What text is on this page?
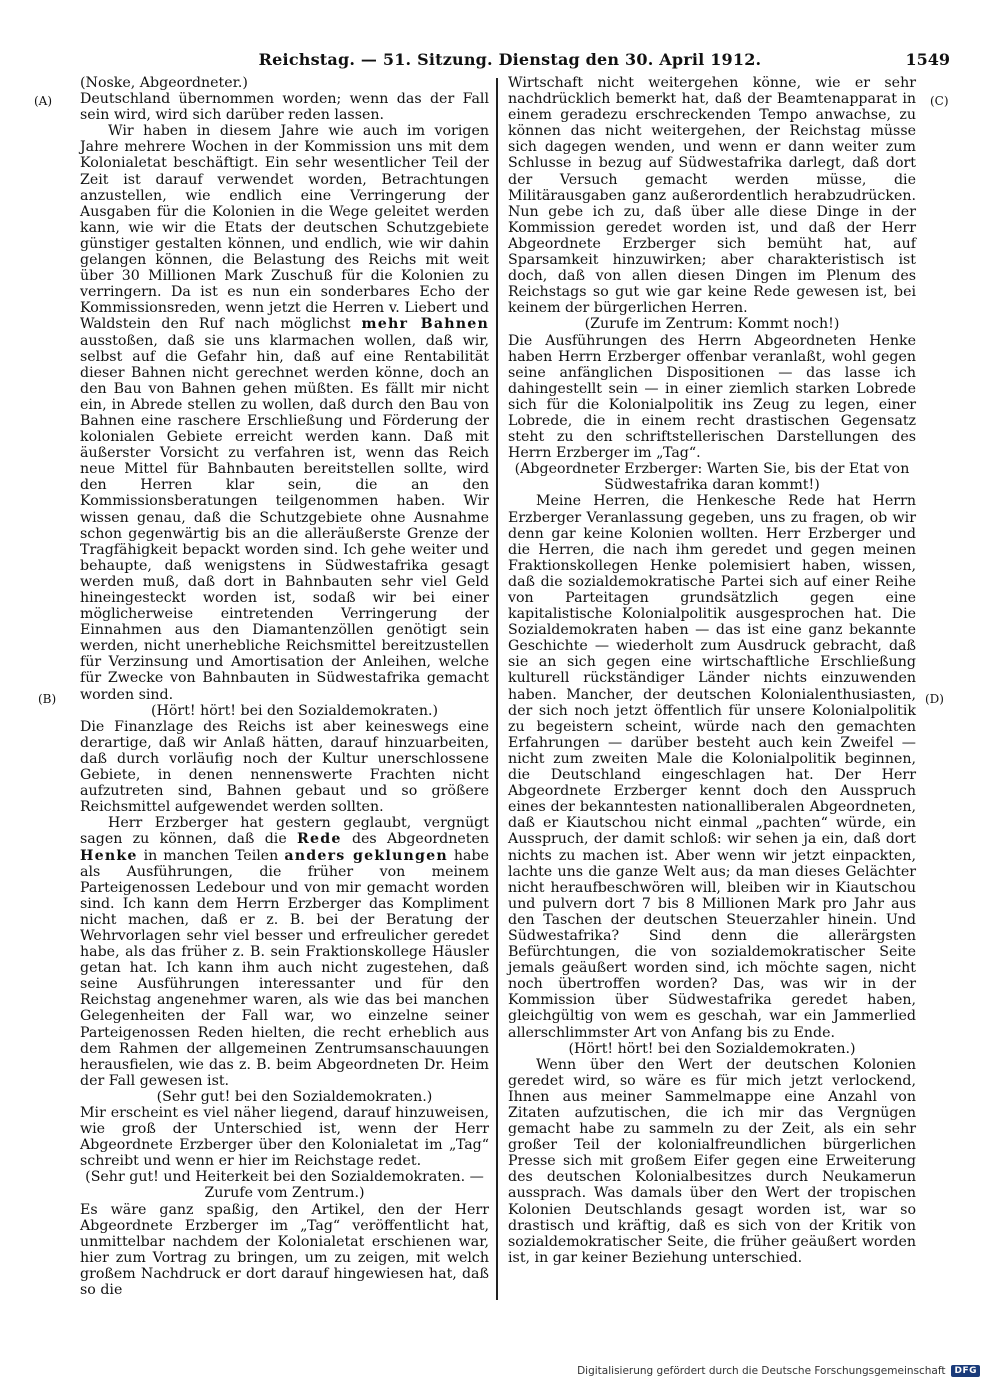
Reichstag. — 51. Sitzung. Dienstag den 30. April 1912.	1549
(A)
(B)
(C)
(D)

(Noske, Abgeordneter.)

Deutschland übernommen worden; wenn das der Fall sein wird, wird sich darüber reden lassen.

Wir haben in diesem Jahre wie auch im vorigen Jahre mehrere Wochen in der Kommission uns mit dem Kolonialetat beschäftigt. Ein sehr wesentlicher Teil der Zeit ist darauf verwendet worden, Betrachtungen anzustellen, wie endlich eine Verringerung der Ausgaben für die Kolonien in die Wege geleitet werden kann, wie wir die Etats der deutschen Schutzgebiete günstiger gestalten können, und endlich, wie wir dahin gelangen können, die Belastung des Reichs mit weit über 30 Millionen Mark Zuschuß für die Kolonien zu verringern. Da ist es nun ein sonderbares Echo der Kommissionsreden, wenn jetzt die Herren v. Liebert und Waldstein den Ruf nach möglichst mehr Bahnen ausstoßen, daß sie uns klarmachen wollen, daß wir, selbst auf die Gefahr hin, daß auf eine Rentabilität dieser Bahnen nicht gerechnet werden könne, doch an den Bau von Bahnen gehen müßten. Es fällt mir nicht ein, in Abrede stellen zu wollen, daß durch den Bau von Bahnen eine raschere Erschließung und Förderung der kolonialen Gebiete erreicht werden kann. Daß mit äußerster Vorsicht zu verfahren ist, wenn das Reich neue Mittel für Bahnbauten bereitstellen sollte, wird den Herren klar sein, die an den Kommissionsberatungen teilgenommen haben. Wir wissen genau, daß die Schutzgebiete ohne Ausnahme schon gegenwärtig bis an die alleräußerste Grenze der Tragfähigkeit bepackt worden sind. Ich gehe weiter und behaupte, daß wenigstens in Südwestafrika gesagt werden muß, daß dort in Bahnbauten sehr viel Geld hineingesteckt worden ist, sodaß wir bei einer möglicherweise eintretenden Verringerung der Einnahmen aus den Diamantenzöllen genötigt sein werden, nicht unerhebliche Reichsmittel bereitzustellen für Verzinsung und Amortisation der Anleihen, welche für Zwecke von Bahnbauten in Südwestafrika gemacht worden sind.

(Hört! hört! bei den Sozialdemokraten.)

Die Finanzlage des Reichs ist aber keineswegs eine derartige, daß wir Anlaß hätten, darauf hinzuarbeiten, daß durch vorläufig noch der Kultur unerschlossene Gebiete, in denen nennenswerte Frachten nicht aufzutreten sind, Bahnen gebaut und so größere Reichsmittel aufgewendet werden sollten.

Herr Erzberger hat gestern geglaubt, vergnügt sagen zu können, daß die Rede des Abgeordneten Henke in manchen Teilen anders geklungen habe als Ausführungen, die früher von meinem Parteigenossen Ledebour und von mir gemacht worden sind. Ich kann dem Herrn Erzberger das Kompliment nicht machen, daß er z. B. bei der Beratung der Wehrvorlagen sehr viel besser und erfreulicher geredet habe, als das früher z. B. sein Fraktionskollege Häusler getan hat. Ich kann ihm auch nicht zugestehen, daß seine Ausführungen interessanter und für den Reichstag angenehmer waren, als wie das bei manchen Gelegenheiten der Fall war, wo einzelne seiner Parteigenossen Reden hielten, die recht erheblich aus dem Rahmen der allgemeinen Zentrumsanschauungen herausfielen, wie das z. B. beim Abgeordneten Dr. Heim der Fall gewesen ist.

(Sehr gut! bei den Sozialdemokraten.)

Mir erscheint es viel näher liegend, darauf hinzuweisen, wie groß der Unterschied ist, wenn der Herr Abgeordnete Erzberger über den Kolonialetat im „Tag“ schreibt und wenn er hier im Reichstage redet.

(Sehr gut! und Heiterkeit bei den Sozialdemokraten. — Zurufe vom Zentrum.)

Es wäre ganz spaßig, den Artikel, den der Herr Abgeordnete Erzberger im „Tag“ veröffentlicht hat, unmittelbar nachdem der Kolonialetat erschienen war, hier zum Vortrag zu bringen, um zu zeigen, mit welch großem Nachdruck er dort darauf hingewiesen hat, daß so die

Wirtschaft nicht weitergehen könne, wie er sehr nachdrücklich bemerkt hat, daß der Beamtenapparat in einem geradezu erschreckenden Tempo anwachse, zu können das nicht weitergehen, der Reichstag müsse sich dagegen wenden, und wenn er dann weiter zum Schlusse in bezug auf Südwestafrika darlegt, daß dort der Versuch gemacht werden müsse, die Militärausgaben ganz außerordentlich herabzudrücken. Nun gebe ich zu, daß über alle diese Dinge in der Kommission geredet worden ist, und daß der Herr Abgeordnete Erzberger sich bemüht hat, auf Sparsamkeit hinzuwirken; aber charakteristisch ist doch, daß von allen diesen Dingen im Plenum des Reichstags so gut wie gar keine Rede gewesen ist, bei keinem der bürgerlichen Herren.

(Zurufe im Zentrum: Kommt noch!)

Die Ausführungen des Herrn Abgeordneten Henke haben Herrn Erzberger offenbar veranlaßt, wohl gegen seine anfänglichen Dispositionen — das lasse ich dahingestellt sein — in einer ziemlich starken Lobrede sich für die Kolonialpolitik ins Zeug zu legen, einer Lobrede, die in einem recht drastischen Gegensatz steht zu den schriftstellerischen Darstellungen des Herrn Erzberger im „Tag“.

(Abgeordneter Erzberger: Warten Sie, bis der Etat von Südwestafrika daran kommt!)

Meine Herren, die Henkesche Rede hat Herrn Erzberger Veranlassung gegeben, uns zu fragen, ob wir denn gar keine Kolonien wollten. Herr Erzberger und die Herren, die nach ihm geredet und gegen meinen Fraktionskollegen Henke polemisiert haben, wissen, daß die sozialdemokratische Partei sich auf einer Reihe von Parteitagen grundsätzlich gegen eine kapitalistische Kolonialpolitik ausgesprochen hat. Die Sozialdemokraten haben — das ist eine ganz bekannte Geschichte — wiederholt zum Ausdruck gebracht, daß sie an sich gegen eine wirtschaftliche Erschließung kulturell rückständiger Länder nichts einzuwenden haben. Mancher, der deutschen Kolonialenthusiasten, der sich noch jetzt öffentlich für unsere Kolonialpolitik zu begeistern scheint, würde nach den gemachten Erfahrungen — darüber besteht auch kein Zweifel — nicht zum zweiten Male die Kolonialpolitik beginnen, die Deutschland eingeschlagen hat. Der Herr Abgeordnete Erzberger kennt doch den Ausspruch eines der bekanntesten nationalliberalen Abgeordneten, daß er Kiautschou nicht einmal „pachten“ würde, ein Ausspruch, der damit schloß: wir sehen ja ein, daß dort nichts zu machen ist. Aber wenn wir jetzt einpackten, lachte uns die ganze Welt aus; da man dieses Gelächter nicht heraufbeschwören will, bleiben wir in Kiautschou und pulvern dort 7 bis 8 Millionen Mark pro Jahr aus den Taschen der deutschen Steuerzahler hinein. Und Südwestafrika? Sind denn die allerärgsten Befürchtungen, die von sozialdemokratischer Seite jemals geäußert worden sind, ich möchte sagen, nicht noch übertroffen worden? Das, was wir in der Kommission über Südwestafrika geredet haben, gleichgültig von wem es geschah, war ein Jammerlied allerschlimmster Art von Anfang bis zu Ende.

(Hört! hört! bei den Sozialdemokraten.)

Wenn über den Wert der deutschen Kolonien geredet wird, so wäre es für mich jetzt verlockend, Ihnen aus meiner Sammelmappe eine Anzahl von Zitaten aufzutischen, die ich mir das Vergnügen gemacht habe zu sammeln zu der Zeit, als ein sehr großer Teil der kolonialfreundlichen bürgerlichen Presse sich mit großem Eifer gegen eine Erweiterung des deutschen Kolonialbesitzes durch Neukamerun aussprach. Was damals über den Wert der tropischen Kolonien Deutschlands gesagt worden ist, war so drastisch und kräftig, daß es sich von der Kritik von sozialdemokratischer Seite, die früher geäußert worden ist, in gar keiner Beziehung unterschied.

Digitalisierung gefördert durch die Deutsche Forschungsgemeinschaft	DFG
